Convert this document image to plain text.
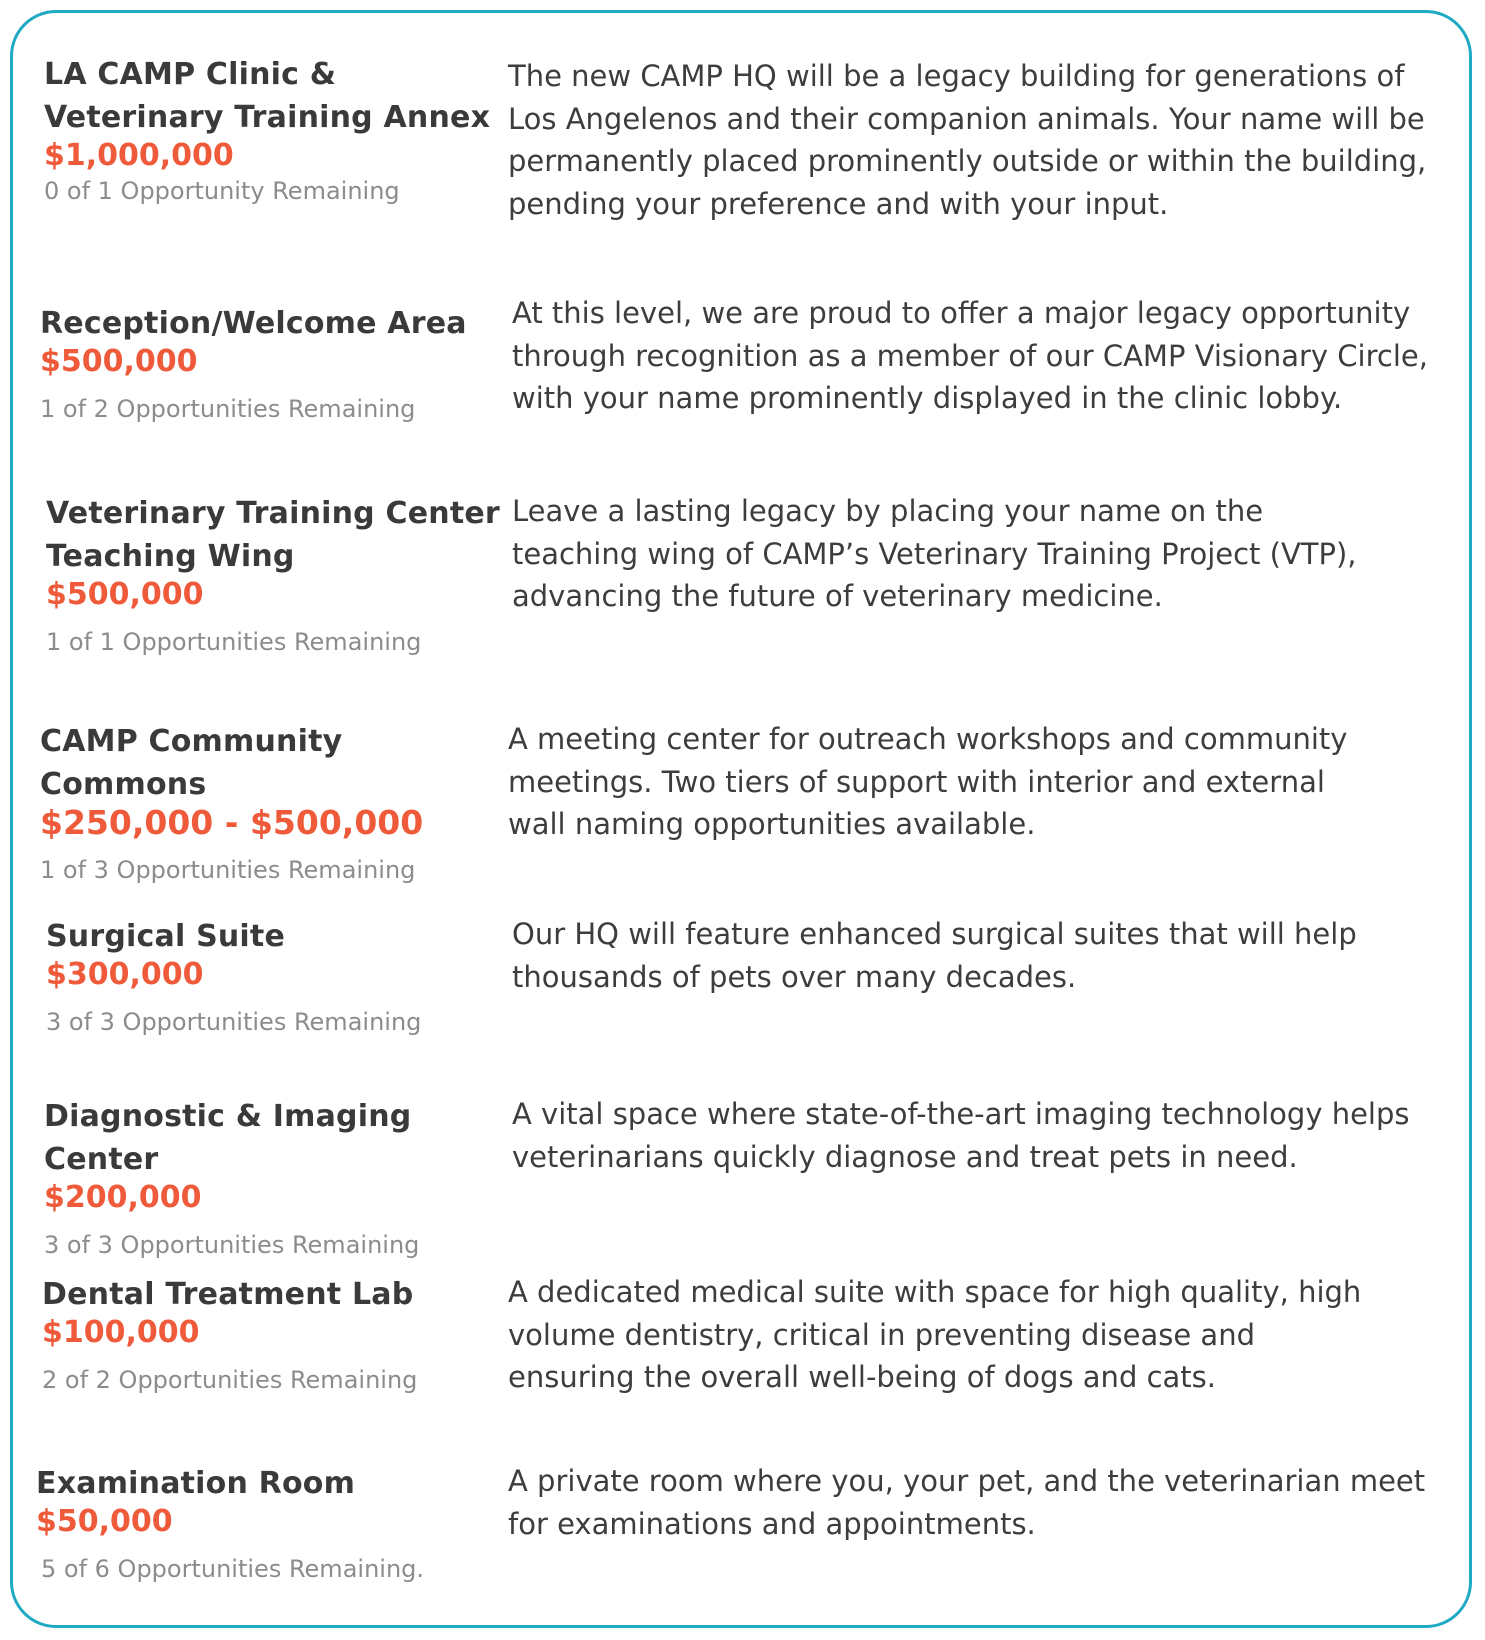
LA CAMP Clinic & Veterinary Training Annex
$1,000,000
0 of 1 Opportunity Remaining
The new CAMP HQ will be a legacy building for generations of Los Angelenos and their companion animals. Your name will be permanently placed prominently outside or within the building, pending your preference and with your input.
Reception/Welcome Area
$500,000
1 of 2 Opportunities Remaining
At this level, we are proud to offer a major legacy opportunity through recognition as a member of our CAMP Visionary Circle, with your name prominently displayed in the clinic lobby.
Veterinary Training Center Teaching Wing
$500,000
1 of 1 Opportunities Remaining
Leave a lasting legacy by placing your name on the teaching wing of CAMP’s Veterinary Training Project (VTP), advancing the future of veterinary medicine.
CAMP Community Commons
$250,000 - $500,000
1 of 3 Opportunities Remaining
A meeting center for outreach workshops and community meetings. Two tiers of support with interior and external wall naming opportunities available.
Surgical Suite
$300,000
3 of 3 Opportunities Remaining
Our HQ will feature enhanced surgical suites that will help thousands of pets over many decades.
Diagnostic & Imaging Center
$200,000
3 of 3 Opportunities Remaining
A vital space where state-of-the-art imaging technology helps veterinarians quickly diagnose and treat pets in need.
Dental Treatment Lab
$100,000
2 of 2 Opportunities Remaining
A dedicated medical suite with space for high quality, high volume dentistry, critical in preventing disease and ensuring the overall well-being of dogs and cats.
Examination Room
$50,000
5 of 6 Opportunities Remaining.
A private room where you, your pet, and the veterinarian meet for examinations and appointments.
